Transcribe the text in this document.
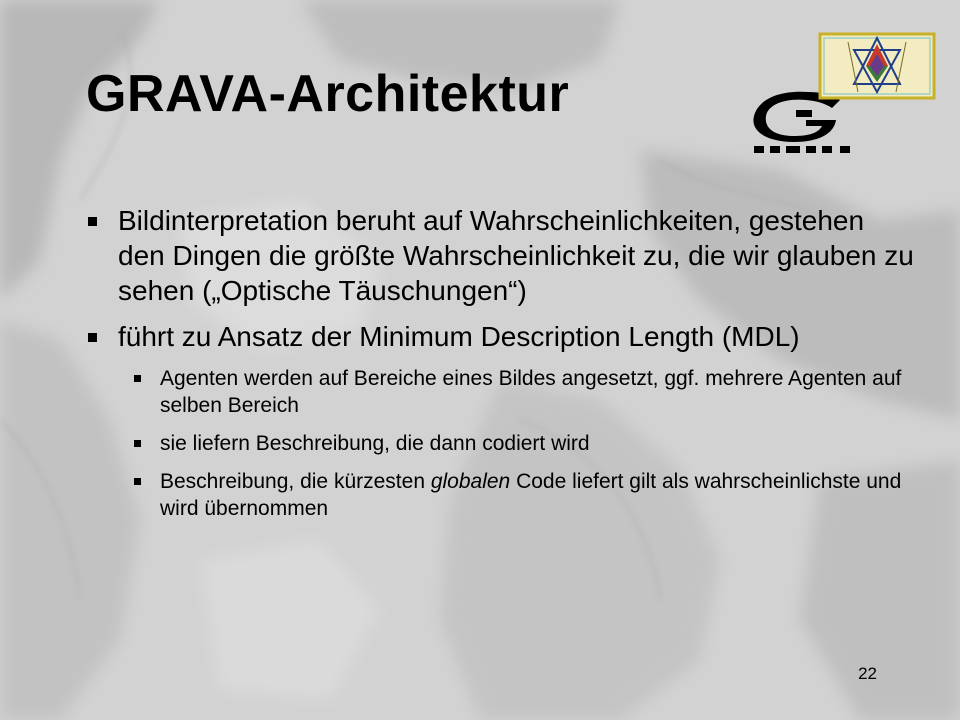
GRAVA-Architektur
Bildinterpretation beruht auf Wahrscheinlichkeiten, gestehen den Dingen die größte Wahrscheinlichkeit zu, die wir glauben zu sehen („Optische Täuschungen“)
führt zu Ansatz der Minimum Description Length (MDL)
Agenten werden auf Bereiche eines Bildes angesetzt, ggf. mehrere Agenten auf selben Bereich
sie liefern Beschreibung, die dann codiert wird
Beschreibung, die kürzesten globalen Code liefert gilt als wahrscheinlichste und wird übernommen
22
